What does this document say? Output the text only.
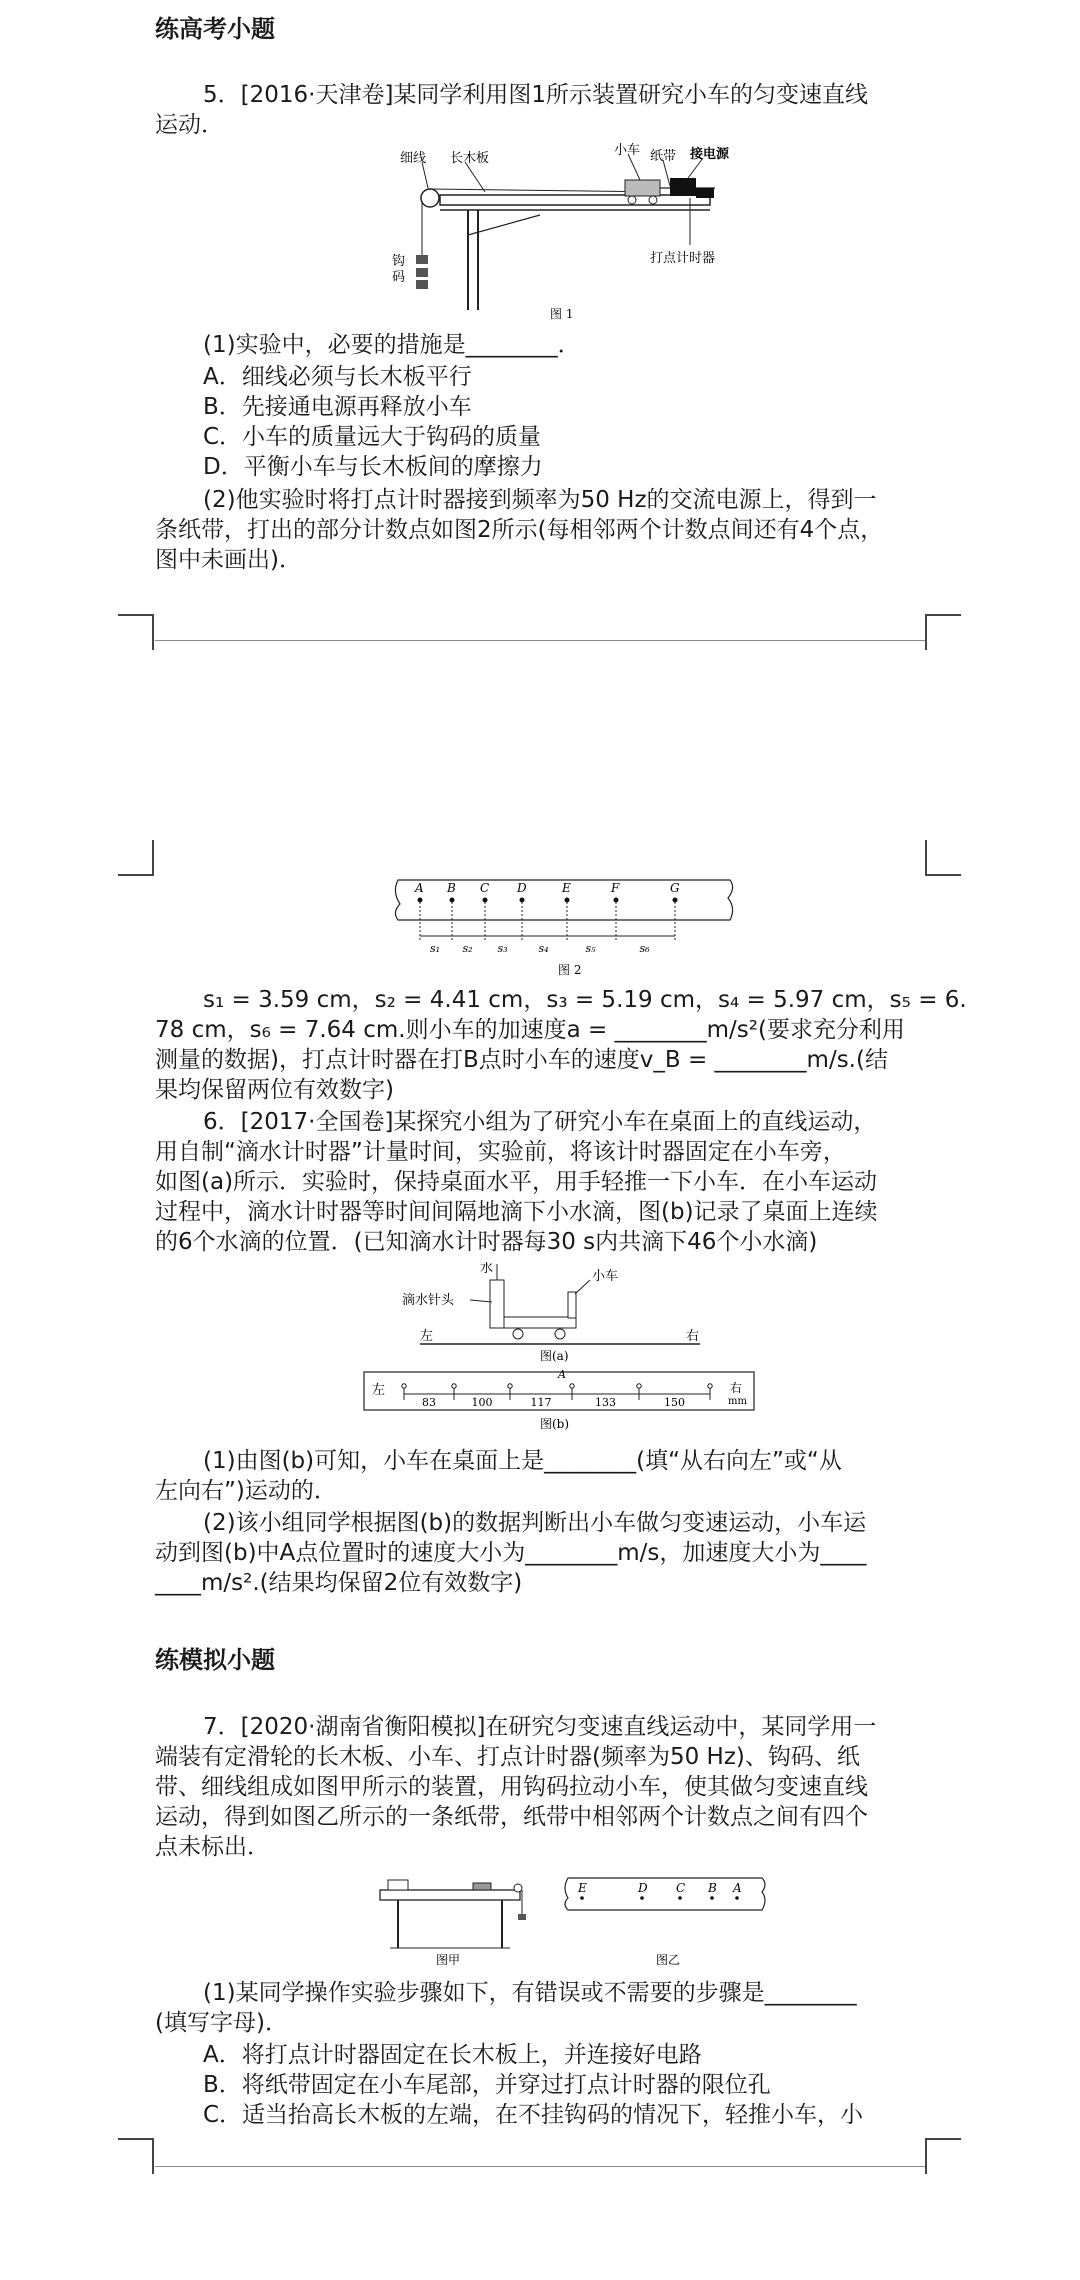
练高考小题
5．[2016·天津卷]某同学利用图1所示装置研究小车的匀变速直线
运动．
细线 长木板
小车 纸带 接电源
钩
码
打点计时器
图 1
(1)实验中，必要的措施是________．
A．细线必须与长木板平行
B．先接通电源再释放小车
C．小车的质量远大于钩码的质量
D．平衡小车与长木板间的摩擦力
(2)他实验时将打点计时器接到频率为50 Hz的交流电源上，得到一
条纸带，打出的部分计数点如图2所示(每相邻两个计数点间还有4个点，
图中未画出)．
A B C D	E	F	G
s₁ s₂ s₃	s₄	s₅	s₆
图 2
s₁ = 3.59 cm，s₂ = 4.41 cm，s₃ = 5.19 cm，s₄ = 5.97 cm，s₅ = 6.
78 cm，s₆ = 7.64 cm.则小车的加速度a = ________m/s²(要求充分利用
测量的数据)，打点计时器在打B点时小车的速度v_B = ________m/s.(结
果均保留两位有效数字)
6．[2017·全国卷]某探究小组为了研究小车在桌面上的直线运动，
用自制“滴水计时器”计量时间，实验前，将该计时器固定在小车旁，
如图(a)所示．实验时，保持桌面水平，用手轻推一下小车．在小车运动
过程中，滴水计时器等时间间隔地滴下小水滴，图(b)记录了桌面上连续
的6个水滴的位置．(已知滴水计时器每30 s内共滴下46个小水滴)
水
小车
滴水针头
左	右
图(a)
左	右
mm
A
83	100	117	133	150
图(b)
(1)由图(b)可知，小车在桌面上是________(填“从右向左”或“从
左向右”)运动的．
(2)该小组同学根据图(b)的数据判断出小车做匀变速运动，小车运
动到图(b)中A点位置时的速度大小为________m/s，加速度大小为____
____m/s².(结果均保留2位有效数字)
练模拟小题
7．[2020·湖南省衡阳模拟]在研究匀变速直线运动中，某同学用一
端装有定滑轮的长木板、小车、打点计时器(频率为50 Hz)、钩码、纸
带、细线组成如图甲所示的装置，用钩码拉动小车，使其做匀变速直线
运动，得到如图乙所示的一条纸带，纸带中相邻两个计数点之间有四个
点未标出．
图甲
E	D C B A
图乙
(1)某同学操作实验步骤如下，有错误或不需要的步骤是________
(填写字母)．
A．将打点计时器固定在长木板上，并连接好电路
B．将纸带固定在小车尾部，并穿过打点计时器的限位孔
C．适当抬高长木板的左端，在不挂钩码的情况下，轻推小车，小
